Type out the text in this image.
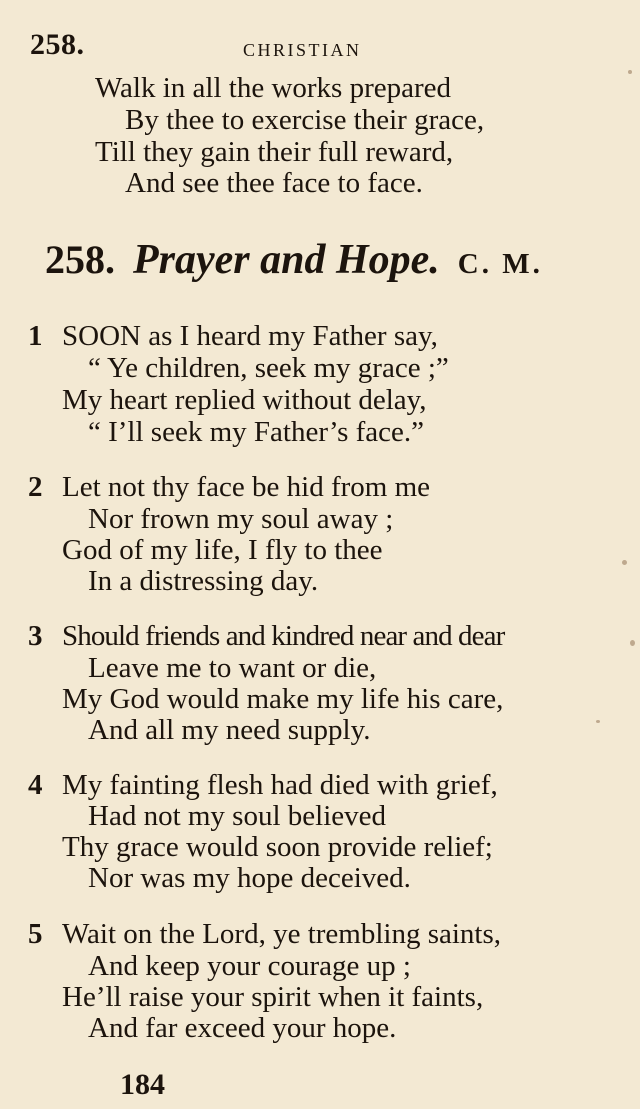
258.	CHRISTIAN
Walk in all the works prepared
By thee to exercise their grace,
Till they gain their full reward,
And see thee face to face.
258. Prayer and Hope. C. M.
1 SOON as I heard my Father say,
“ Ye children, seek my grace ;”
My heart replied without delay,
“ I’ll seek my Father’s face.”
2 Let not thy face be hid from me
Nor frown my soul away ;
God of my life, I fly to thee
In a distressing day.
3 Should friends and kindred near and dear
Leave me to want or die,
My God would make my life his care,
And all my need supply.
4 My fainting flesh had died with grief,
Had not my soul believed
Thy grace would soon provide relief;
Nor was my hope deceived.
5 Wait on the Lord, ye trembling saints,
And keep your courage up ;
He’ll raise your spirit when it faints,
And far exceed your hope.
184
